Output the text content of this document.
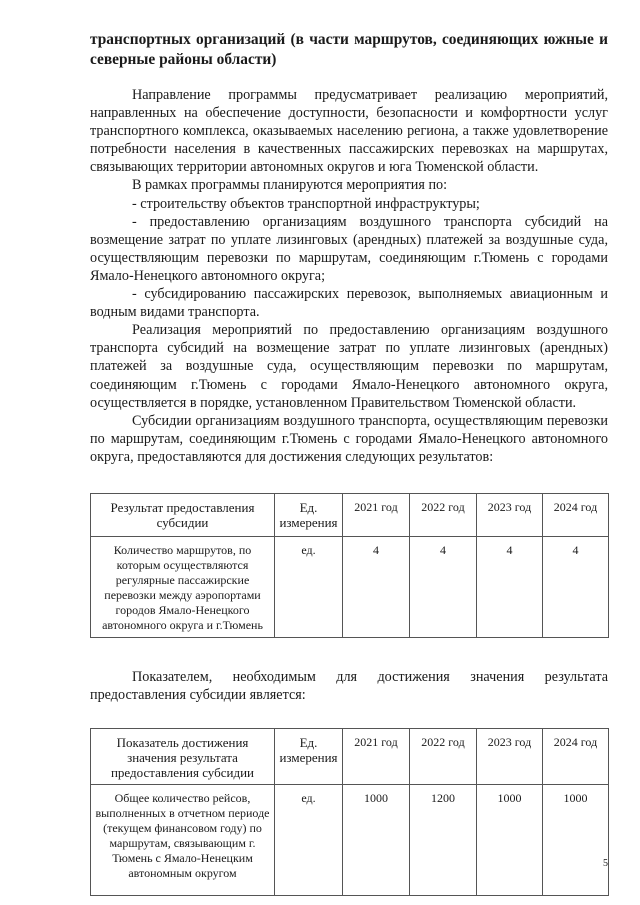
транспортных организаций (в части маршрутов, соединяющих южные и северные районы области)

Направление программы предусматривает реализацию мероприятий, направленных на обеспечение доступности, безопасности и комфортности услуг транспортного комплекса, оказываемых населению региона, а также удовлетворение потребности населения в качественных пассажирских перевозках на маршрутах, связывающих территории автономных округов и юга Тюменской области.

В рамках программы планируются мероприятия по:

- строительству объектов транспортной инфраструктуры;

- предоставлению организациям воздушного транспорта субсидий на возмещение затрат по уплате лизинговых (арендных) платежей за воздушные суда, осуществляющим перевозки по маршрутам, соединяющим г.Тюмень с городами Ямало-Ненецкого автономного округа;

- субсидированию пассажирских перевозок, выполняемых авиационным и водным видами транспорта.

Реализация мероприятий по предоставлению организациям воздушного транспорта субсидий на возмещение затрат по уплате лизинговых (арендных) платежей за воздушные суда, осуществляющим перевозки по маршрутам, соединяющим г.Тюмень с городами Ямало-Ненецкого автономного округа, осуществляется в порядке, установленном Правительством Тюменской области.

Субсидии организациям воздушного транспорта, осуществляющим перевозки по маршрутам, соединяющим г.Тюмень с городами Ямало-Ненецкого автономного округа, предоставляются для достижения следующих результатов:

Результат предоставления субсидии	Ед. измерения	2021 год	2022 год	2023 год	2024 год
Количество маршрутов, по которым осуществляются регулярные пассажирские перевозки между аэропортами городов Ямало-Ненецкого автономного округа и г.Тюмень	ед.	4	4	4	4

Показателем, необходимым для достижения значения результата предоставления субсидии является:

Показатель достижения значения результата предоставления субсидии	Ед. измерения	2021 год	2022 год	2023 год	2024 год
Общее количество рейсов, выполненных в отчетном периоде (текущем финансовом году) по маршрутам, связывающим г. Тюмень с Ямало-Ненецким автономным округом	ед.	1000	1200	1000	1000
5
